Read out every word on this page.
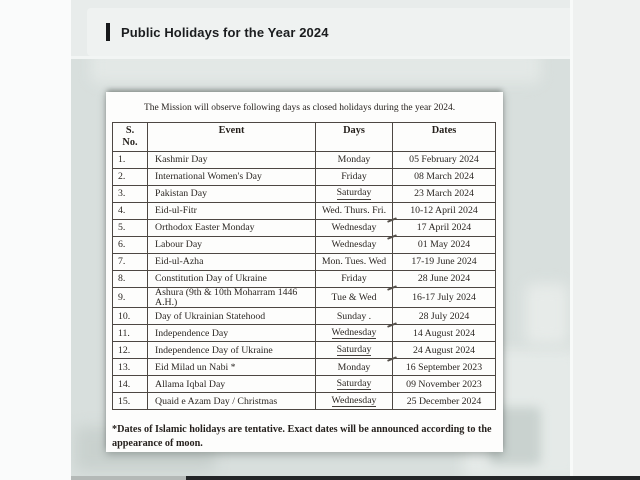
Public Holidays for the Year 2024

The Mission will observe following days as closed holidays during the year 2024.

S.
No.	Event	Days	Dates
1.	Kashmir Day	Monday	05 February 2024
2.	International Women's Day	Friday	08 March 2024
3.	Pakistan Day	Saturday	23 March 2024
4.	Eid-ul-Fitr	Wed. Thurs. Fri.	10-12 April 2024
5.	Orthodox Easter Monday	Wednesday	17 April 2024
6.	Labour Day	Wednesday	01 May 2024
7.	Eid-ul-Azha	Mon. Tues. Wed	17-19 June 2024
8.	Constitution Day of Ukraine	Friday	28 June 2024
9.	Ashura (9th & 10th Moharram 1446 A.H.)	Tue & Wed	16-17 July 2024
10.	Day of Ukrainian Statehood	Sunday .	28 July 2024
11.	Independence Day	Wednesday	14 August 2024
12.	Independence Day of Ukraine	Saturday	24 August 2024
13.	Eid Milad un Nabi *	Monday	16 September 2023
14.	Allama Iqbal Day	Saturday	09 November 2023
15.	Quaid e Azam Day / Christmas	Wednesday	25 December 2024

*Dates of Islamic holidays are tentative. Exact dates will be announced according to the appearance of moon.
